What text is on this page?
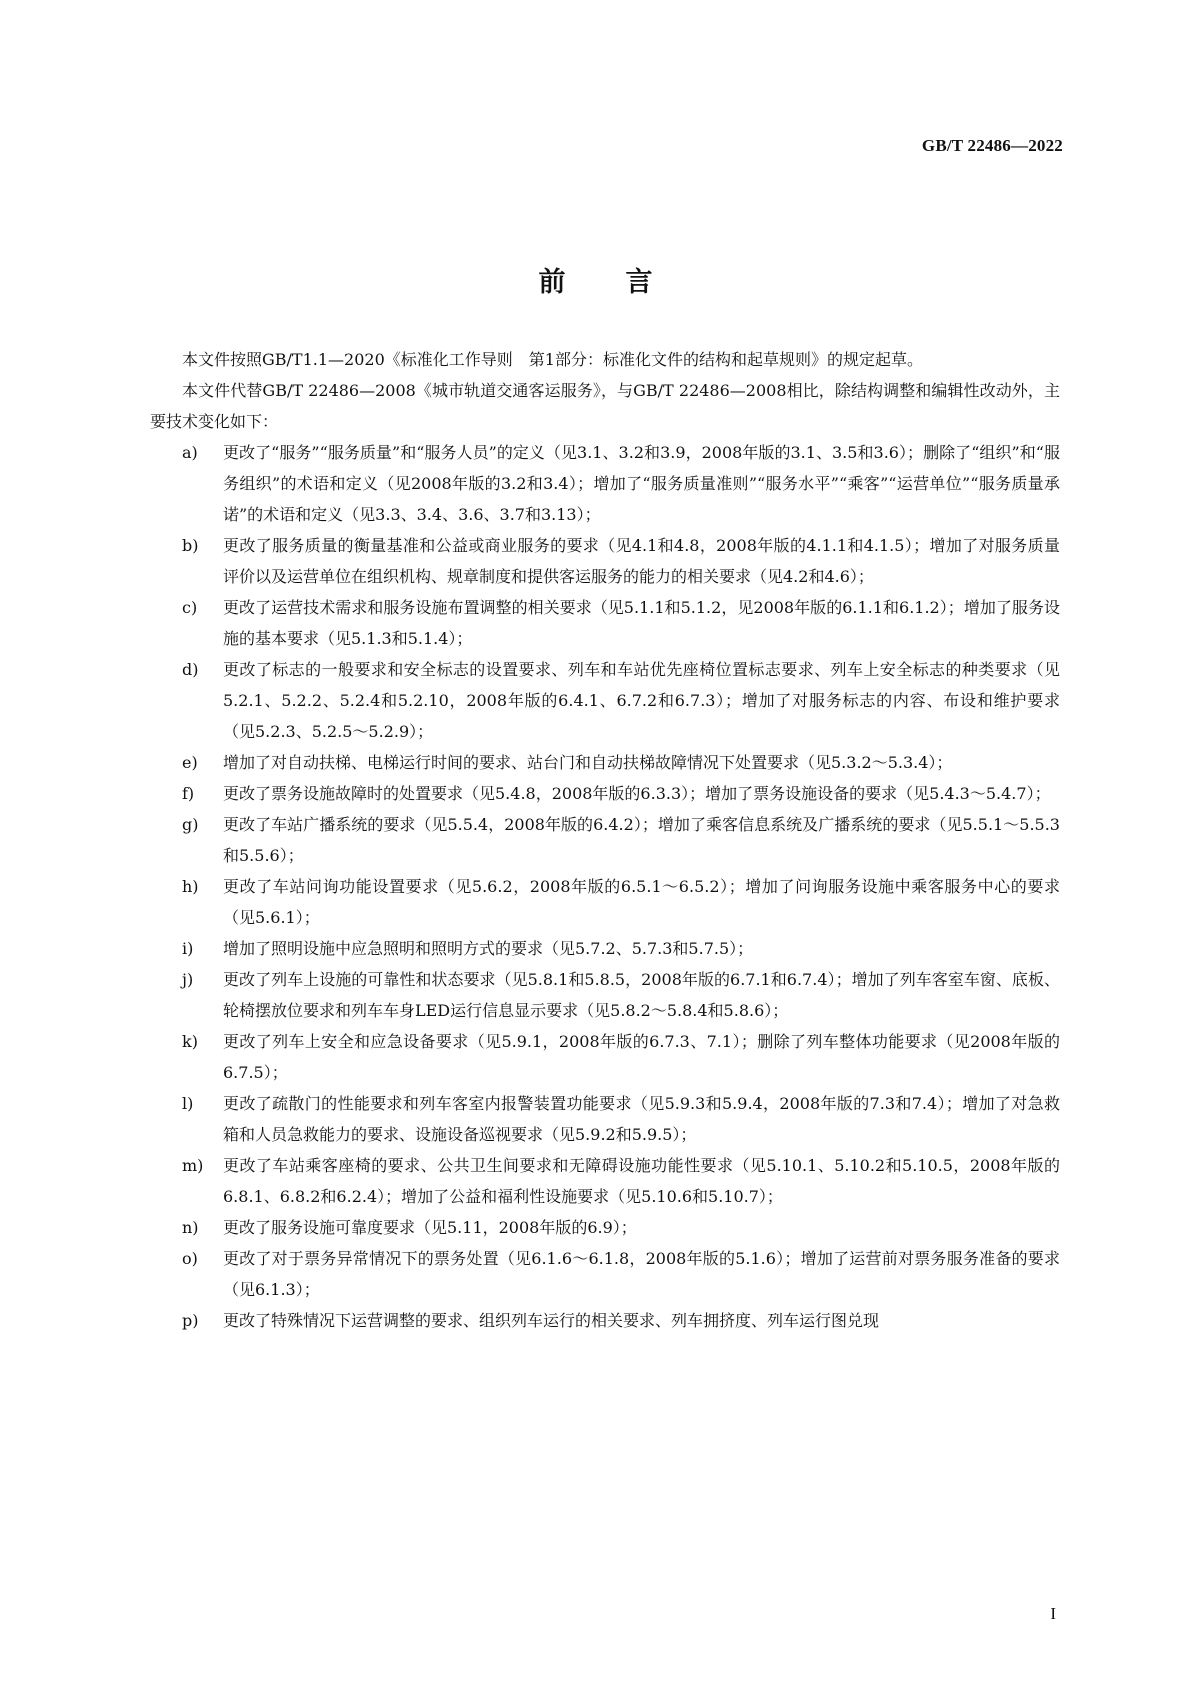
GB/T 22486—2022
前言

本文件按照GB/T1.1—2020《标准化工作导则　第1部分：标准化文件的结构和起草规则》的规定起草。

本文件代替GB/T 22486—2008《城市轨道交通客运服务》，与GB/T 22486—2008相比，除结构调整和编辑性改动外，主要技术变化如下：

a) 更改了“服务”“服务质量”和“服务人员”的定义（见3.1、3.2和3.9，2008年版的3.1、3.5和3.6）；删除了“组织”和“服务组织”的术语和定义（见2008年版的3.2和3.4）；增加了“服务质量准则”“服务水平”“乘客”“运营单位”“服务质量承诺”的术语和定义（见3.3、3.4、3.6、3.7和3.13）；
b) 更改了服务质量的衡量基准和公益或商业服务的要求（见4.1和4.8，2008年版的4.1.1和4.1.5）；增加了对服务质量评价以及运营单位在组织机构、规章制度和提供客运服务的能力的相关要求（见4.2和4.6）；
c) 更改了运营技术需求和服务设施布置调整的相关要求（见5.1.1和5.1.2，见2008年版的6.1.1和6.1.2）；增加了服务设施的基本要求（见5.1.3和5.1.4）；
d) 更改了标志的一般要求和安全标志的设置要求、列车和车站优先座椅位置标志要求、列车上安全标志的种类要求（见5.2.1、5.2.2、5.2.4和5.2.10，2008年版的6.4.1、6.7.2和6.7.3）；增加了对服务标志的内容、布设和维护要求（见5.2.3、5.2.5～5.2.9）；
e) 增加了对自动扶梯、电梯运行时间的要求、站台门和自动扶梯故障情况下处置要求（见5.3.2～5.3.4）；
f) 更改了票务设施故障时的处置要求（见5.4.8，2008年版的6.3.3）；增加了票务设施设备的要求（见5.4.3～5.4.7）；
g) 更改了车站广播系统的要求（见5.5.4，2008年版的6.4.2）；增加了乘客信息系统及广播系统的要求（见5.5.1～5.5.3和5.5.6）；
h) 更改了车站问询功能设置要求（见5.6.2，2008年版的6.5.1～6.5.2）；增加了问询服务设施中乘客服务中心的要求（见5.6.1）；
i) 增加了照明设施中应急照明和照明方式的要求（见5.7.2、5.7.3和5.7.5）；
j) 更改了列车上设施的可靠性和状态要求（见5.8.1和5.8.5，2008年版的6.7.1和6.7.4）；增加了列车客室车窗、底板、轮椅摆放位要求和列车车身LED运行信息显示要求（见5.8.2～5.8.4和5.8.6）；
k) 更改了列车上安全和应急设备要求（见5.9.1，2008年版的6.7.3、7.1）；删除了列车整体功能要求（见2008年版的6.7.5）；
l) 更改了疏散门的性能要求和列车客室内报警装置功能要求（见5.9.3和5.9.4，2008年版的7.3和7.4）；增加了对急救箱和人员急救能力的要求、设施设备巡视要求（见5.9.2和5.9.5）；
m) 更改了车站乘客座椅的要求、公共卫生间要求和无障碍设施功能性要求（见5.10.1、5.10.2和5.10.5，2008年版的6.8.1、6.8.2和6.2.4）；增加了公益和福利性设施要求（见5.10.6和5.10.7）；
n) 更改了服务设施可靠度要求（见5.11，2008年版的6.9）；
o) 更改了对于票务异常情况下的票务处置（见6.1.6～6.1.8，2008年版的5.1.6）；增加了运营前对票务服务准备的要求（见6.1.3）；
p) 更改了特殊情况下运营调整的要求、组织列车运行的相关要求、列车拥挤度、列车运行图兑现
I
